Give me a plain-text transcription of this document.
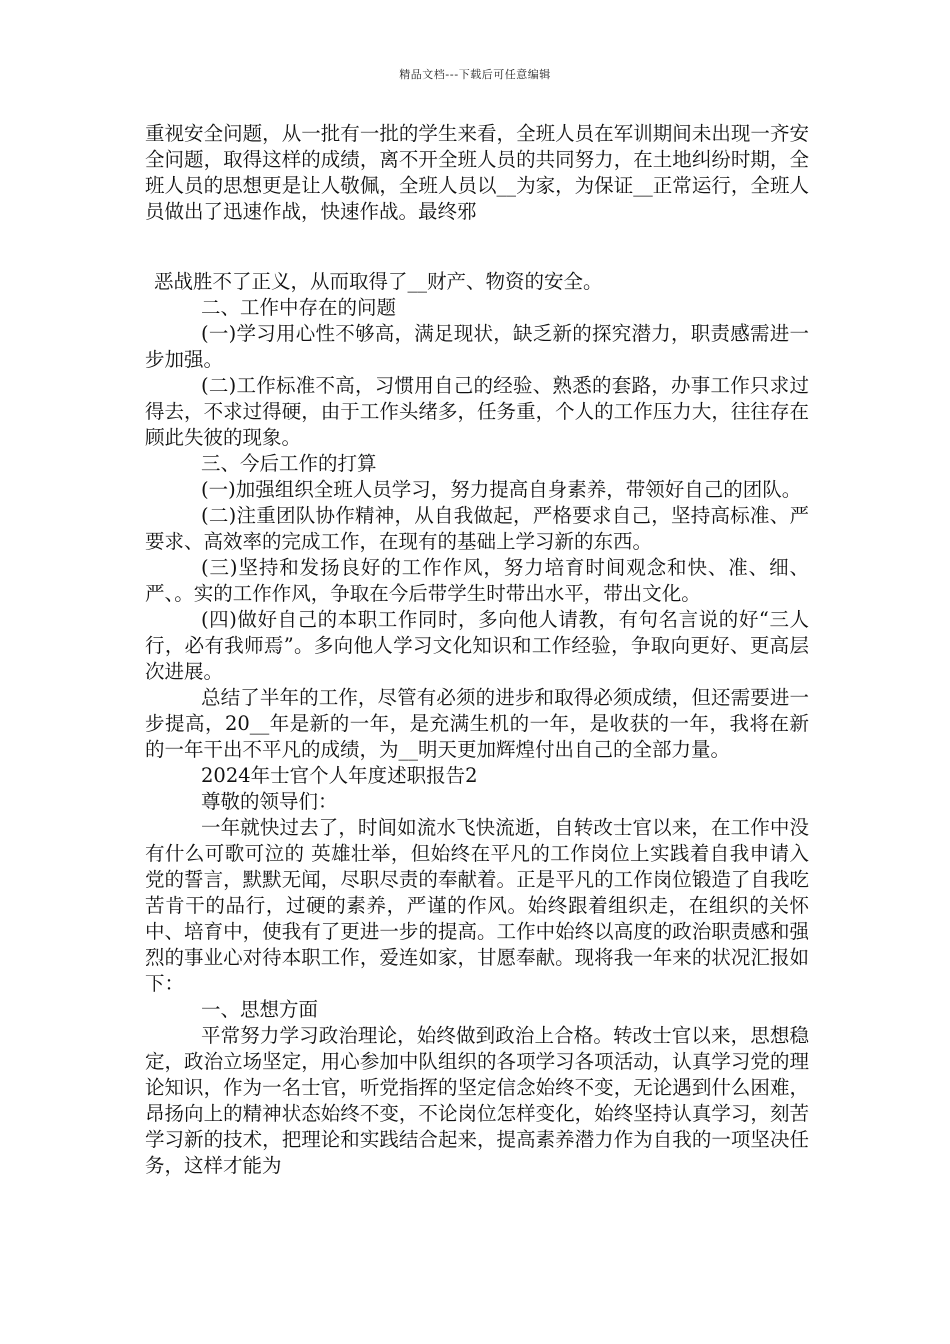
精品文档---下载后可任意编辑

重视安全问题，从一批有一批的学生来看，全班人员在军训期间未出现一齐安全问题，取得这样的成绩，离不开全班人员的共同努力，在土地纠纷时期，全班人员的思想更是让人敬佩，全班人员以__为家，为保证__正常运行，全班人员做出了迅速作战，快速作战。最终邪

恶战胜不了正义，从而取得了__财产、物资的安全。

二、工作中存在的问题

(一)学习用心性不够高，满足现状，缺乏新的探究潜力，职责感需进一步加强。

(二)工作标准不高，习惯用自己的经验、熟悉的套路，办事工作只求过得去，不求过得硬，由于工作头绪多，任务重，个人的工作压力大，往往存在顾此失彼的现象。

三、今后工作的打算

(一)加强组织全班人员学习，努力提高自身素养，带领好自己的团队。

(二)注重团队协作精神，从自我做起，严格要求自己，坚持高标准、严要求、高效率的完成工作，在现有的基础上学习新的东西。

(三)坚持和发扬良好的工作作风，努力培育时间观念和快、准、细、严、。实的工作作风，争取在今后带学生时带出水平，带出文化。

(四)做好自己的本职工作同时，多向他人请教，有句名言说的好“三人行，必有我师焉”。多向他人学习文化知识和工作经验，争取向更好、更高层次进展。

总结了半年的工作，尽管有必须的进步和取得必须成绩，但还需要进一步提高，20__年是新的一年，是充满生机的一年，是收获的一年，我将在新的一年干出不平凡的成绩，为__明天更加辉煌付出自己的全部力量。

2024年士官个人年度述职报告2

尊敬的领导们：

一年就快过去了，时间如流水飞快流逝，自转改士官以来，在工作中没有什么可歌可泣的 英雄壮举，但始终在平凡的工作岗位上实践着自我申请入党的誓言，默默无闻，尽职尽责的奉献着。正是平凡的工作岗位锻造了自我吃苦肯干的品行，过硬的素养，严谨的作风。始终跟着组织走，在组织的关怀中、培育中，使我有了更进一步的提高。工作中始终以高度的政治职责感和强烈的事业心对待本职工作，爱连如家，甘愿奉献。现将我一年来的状况汇报如下：

一、思想方面

平常努力学习政治理论，始终做到政治上合格。转改士官以来，思想稳定，政治立场坚定，用心参加中队组织的各项学习各项活动，认真学习党的理论知识，作为一名士官，听党指挥的坚定信念始终不变，无论遇到什么困难，昂扬向上的精神状态始终不变，不论岗位怎样变化，始终坚持认真学习，刻苦学习新的技术，把理论和实践结合起来，提高素养潜力作为自我的一项坚决任务，这样才能为
